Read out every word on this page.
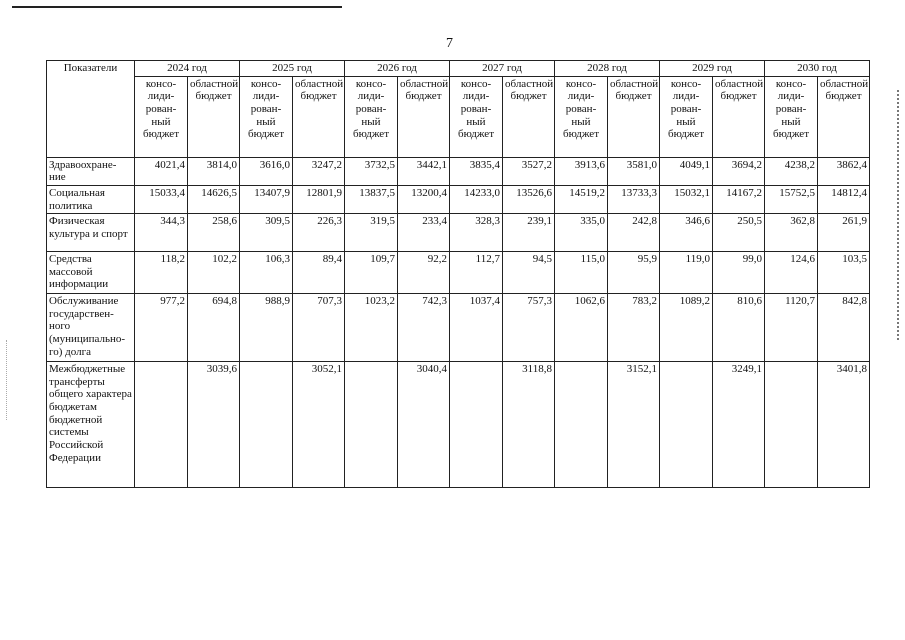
7
Показатели	2024 год		2025 год		2026 год		2027 год		2028 год		2029 год		2030 год	
	консо-лиди-рован-ный бюджет	областной бюджет	консо-лиди-рован-ный бюджет	областной бюджет	консо-лиди-рован-ный бюджет	областной бюджет	консо-лиди-рован-ный бюджет	областной бюджет	консо-лиди-рован-ный бюджет	областной бюджет	консо-лиди-рован-ный бюджет	областной бюджет	консо-лиди-рован-ный бюджет	областной бюджет
Здравоохране-ние	4021,4	3814,0	3616,0	3247,2	3732,5	3442,1	3835,4	3527,2	3913,6	3581,0	4049,1	3694,2	4238,2	3862,4
Социальная политика	15033,4	14626,5	13407,9	12801,9	13837,5	13200,4	14233,0	13526,6	14519,2	13733,3	15032,1	14167,2	15752,5	14812,4
Физическая культура и спорт	344,3	258,6	309,5	226,3	319,5	233,4	328,3	239,1	335,0	242,8	346,6	250,5	362,8	261,9
Средства массовой информации	118,2	102,2	106,3	89,4	109,7	92,2	112,7	94,5	115,0	95,9	119,0	99,0	124,6	103,5
Обслуживание государствен-ного (муниципально-го) долга	977,2	694,8	988,9	707,3	1023,2	742,3	1037,4	757,3	1062,6	783,2	1089,2	810,6	1120,7	842,8
Межбюджетные трансферты общего характера бюджетам бюджетной системы Российской Федерации		3039,6		3052,1		3040,4		3118,8		3152,1		3249,1		3401,8
